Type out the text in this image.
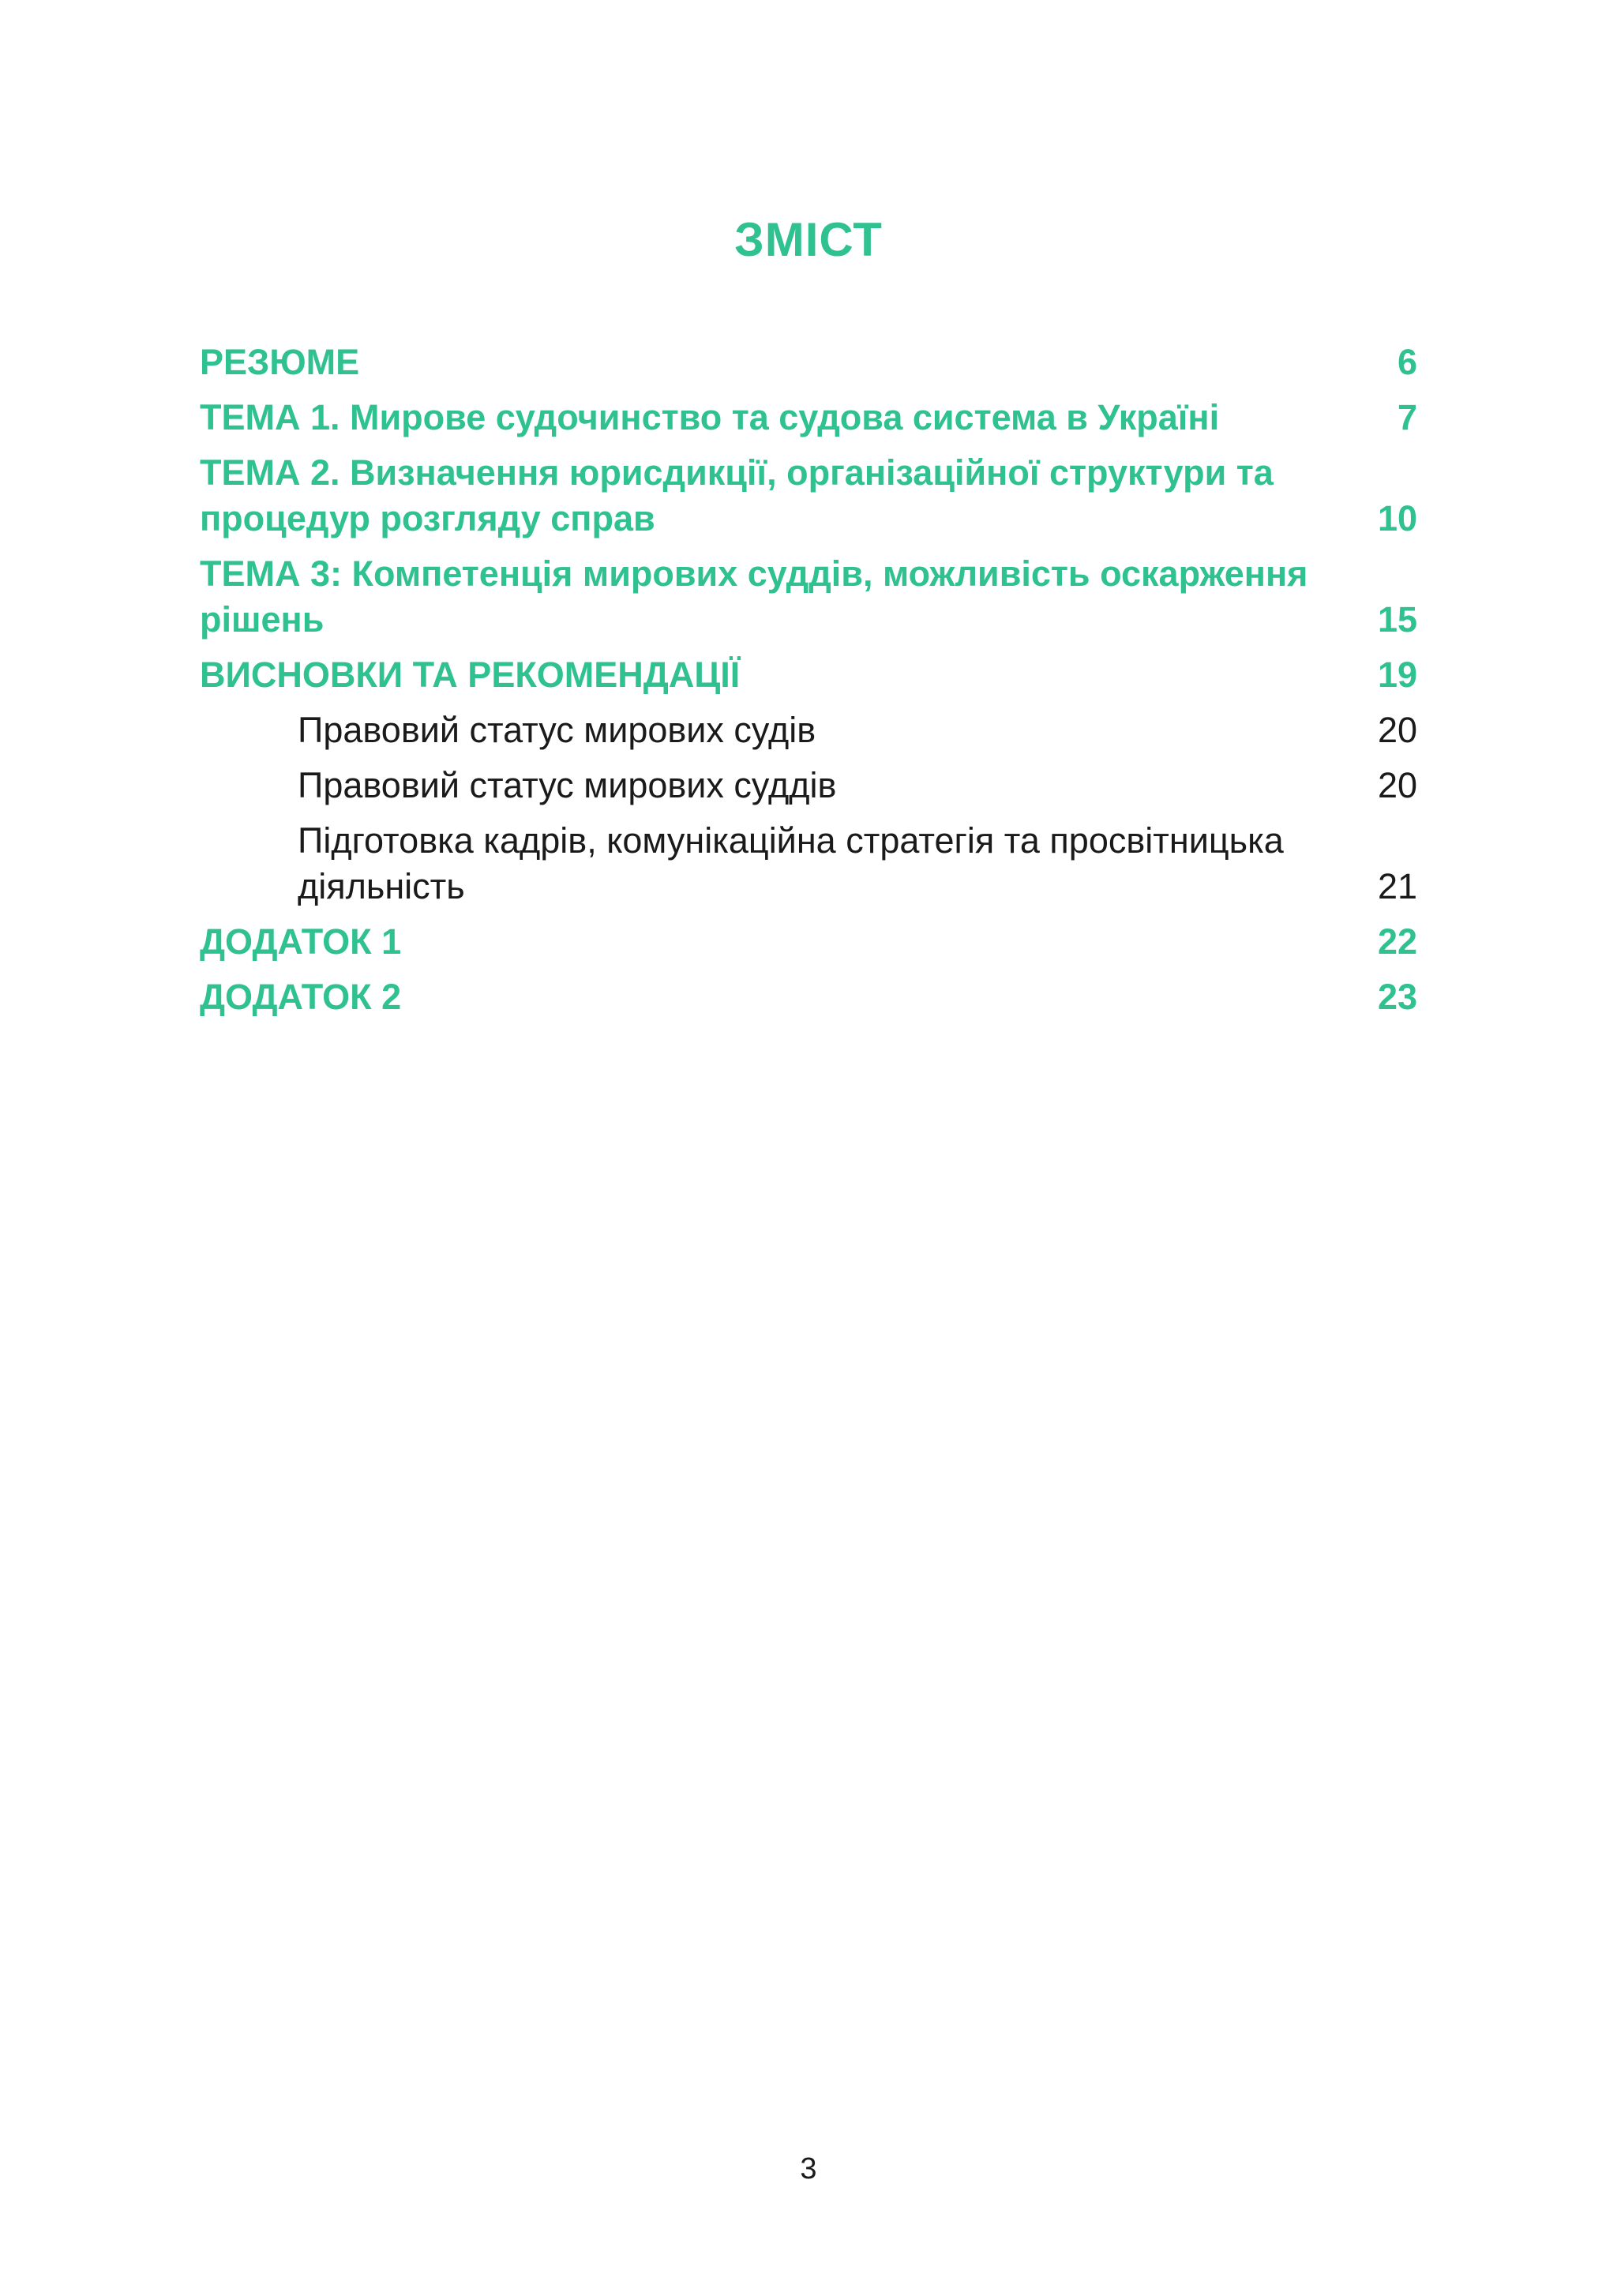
ЗМІСТ
РЕЗЮМЕ	6
ТЕМА 1. Мирове судочинство та судова система в Україні	7
ТЕМА 2. Визначення юрисдикції, організаційної структури та процедур розгляду справ	10
ТЕМА 3: Компетенція мирових суддів, можливість оскарження рішень	15
ВИСНОВКИ ТА РЕКОМЕНДАЦІЇ	19
Правовий статус мирових судів	20
Правовий статус мирових суддів	20
Підготовка кадрів, комунікаційна стратегія та просвітницька діяльність	21
ДОДАТОК 1	22
ДОДАТОК 2	23
3
